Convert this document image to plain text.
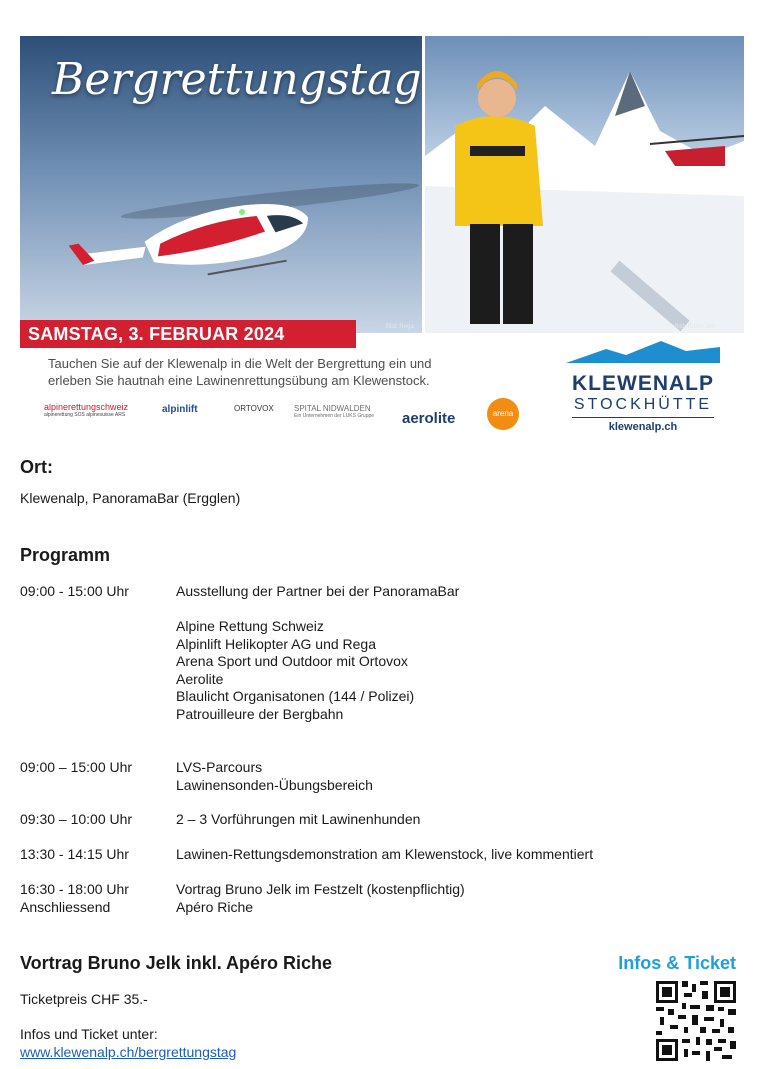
Bergrettungstag
Bild: Rega	Bild: Bruno Jelk
SAMSTAG, 3. FEBRUAR 2024
Tauchen Sie auf der Klewenalp in die Welt der Bergrettung ein und
erleben Sie hautnah eine Lawinenrettungsübung am Klewenstock.
alpinerettungschweiz
alpinerettung SOS alpinesuisse ARS	alpinlift	ORTOVOX	SPITAL NIDWALDEN
Ein Unternehmen der LUKS Gruppe aerolite	arena
KLEWENALP
STOCKHÜTTE
klewenalp.ch
Ort:
Klewenalp, PanoramaBar (Ergglen)
Programm
09:00 - 15:00 Uhr	Ausstellung der Partner bei der PanoramaBar
Alpine Rettung Schweiz
Alpinlift Helikopter AG und Rega
Arena Sport und Outdoor mit Ortovox
Aerolite
Blaulicht Organisatonen (144 / Polizei)
Patrouilleure der Bergbahn
09:00 – 15:00 Uhr	LVS-Parcours
Lawinensonden-Übungsbereich
09:30 – 10:00 Uhr	2 – 3 Vorführungen mit Lawinenhunden
13:30 - 14:15 Uhr	Lawinen-Rettungsdemonstration am Klewenstock, live kommentiert
16:30 - 18:00 Uhr
Anschliessend
Vortrag Bruno Jelk im Festzelt (kostenpflichtig)
Apéro Riche
Vortrag Bruno Jelk inkl. Apéro Riche	Infos & Ticket
Ticketpreis CHF 35.-
Infos und Ticket unter:
www.klewenalp.ch/bergrettungstag
